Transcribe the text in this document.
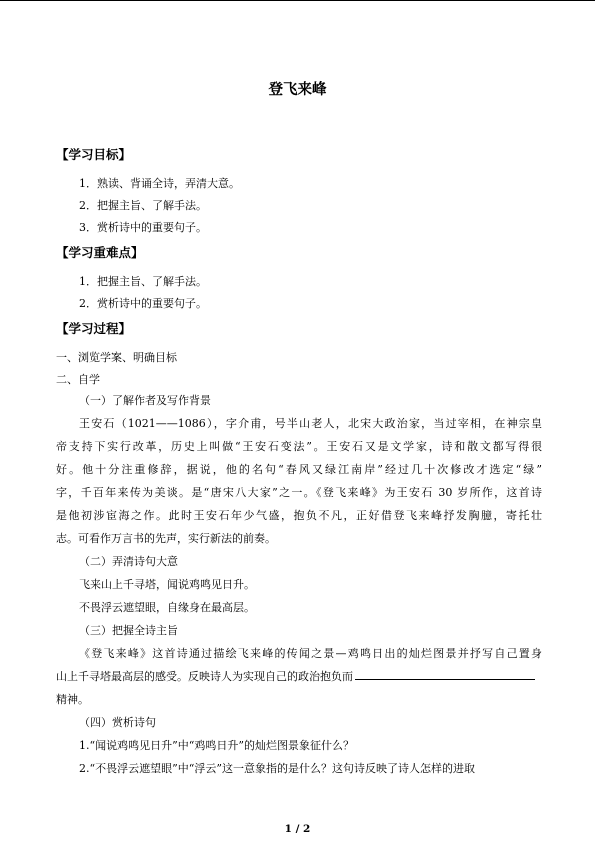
登飞来峰
【学习目标】
1．熟读、背诵全诗，弄清大意。
2．把握主旨、了解手法。
3．赏析诗中的重要句子。
【学习重难点】
1．把握主旨、了解手法。
2．赏析诗中的重要句子。
【学习过程】
一、浏览学案、明确目标
二、自学
（一）了解作者及写作背景
王安石（1021——1086），字介甫，号半山老人，北宋大政治家，当过宰相，在神宗皇
帝支持下实行改革，历史上叫做“王安石变法”。王安石又是文学家，诗和散文都写得很
好。他十分注重修辞，据说，他的名句“春风又绿江南岸”经过几十次修改才选定“绿”
字，千百年来传为美谈。是“唐宋八大家”之一。《登飞来峰》为王安石 30 岁所作，这首诗
是他初涉宦海之作。此时王安石年少气盛，抱负不凡，正好借登飞来峰抒发胸臆，寄托壮
志。可看作万言书的先声，实行新法的前奏。
（二）弄清诗句大意
飞来山上千寻塔，闻说鸡鸣见日升。
不畏浮云遮望眼，自缘身在最高层。
（三）把握全诗主旨
《登飞来峰》这首诗通过描绘飞来峰的传闻之景—鸡鸣日出的灿烂图景并抒写自己置身
山上千寻塔最高层的感受。反映诗人为实现自己的政治抱负而
精神。
（四）赏析诗句
1.“闻说鸡鸣见日升”中“鸡鸣日升”的灿烂图景象征什么？
2.“不畏浮云遮望眼”中“浮云”这一意象指的是什么？这句诗反映了诗人怎样的进取
1 / 2
